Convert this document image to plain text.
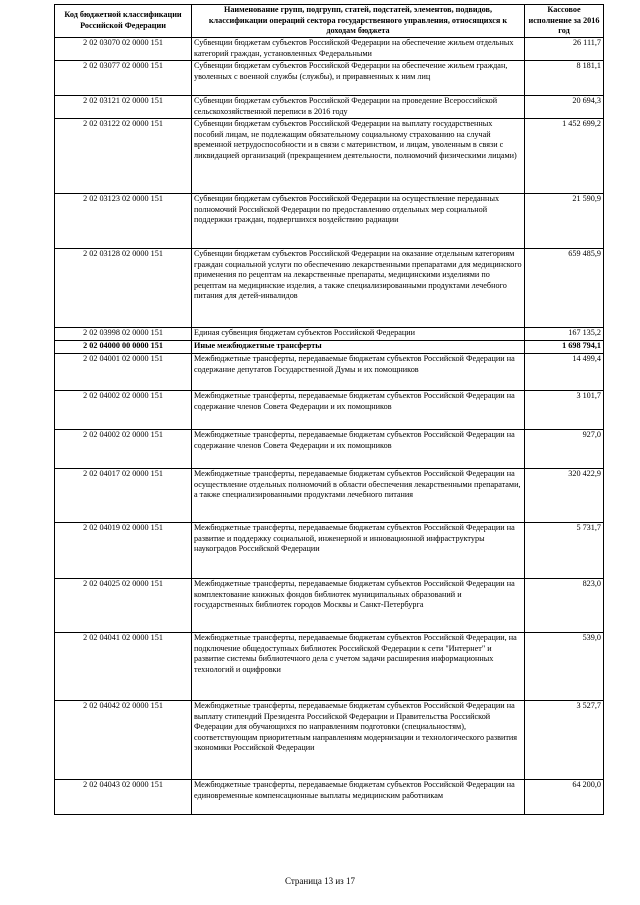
Код бюджетной классификации Российской Федерации	Наименование групп, подгрупп, статей, подстатей, элементов, подвидов, классификации операций сектора государственного управления, относящихся к доходам бюджета	Кассовое исполнение за 2016 год
2 02 03070 02 0000 151	Субвенции бюджетам субъектов Российской Федерации на обеспечение жильем отдельных категорий граждан, установленных Федеральными	26 111,7
2 02 03077 02 0000 151	Субвенции бюджетам субъектов Российской Федерации на обеспечение жильем граждан, уволенных с военной службы (службы), и приравненных к ним лиц	8 181,1
2 02 03121 02 0000 151	Субвенции бюджетам субъектов Российской Федерации на проведение Всероссийской сельскохозяйственной переписи в 2016 году	20 694,3
2 02 03122 02 0000 151	Субвенции бюджетам субъектов Российской Федерации на выплату государственных пособий лицам, не подлежащим обязательному социальному страхованию на случай временной нетрудоспособности и в связи с материнством, и лицам, уволенным в связи с ликвидацией организаций (прекращением деятельности, полномочий физическими лицами)	1 452 699,2
2 02 03123 02 0000 151	Субвенции бюджетам субъектов Российской Федерации на осуществление переданных полномочий Российской Федерации по предоставлению отдельных мер социальной поддержки граждан, подвергшихся воздействию радиации	21 590,9
2 02 03128 02 0000 151	Субвенции бюджетам субъектов Российской Федерации на оказание отдельным категориям граждан социальной услуги по обеспечению лекарственными препаратами для медицинского применения по рецептам на лекарственные препараты, медицинскими изделиями по рецептам на медицинские изделия, а также специализированными продуктами лечебного питания для детей-инвалидов	659 485,9
2 02 03998 02 0000 151	Единая субвенция бюджетам субъектов Российской Федерации	167 135,2
2 02 04000 00 0000 151	Иные межбюджетные трансферты	1 698 794,1
2 02 04001 02 0000 151	Межбюджетные трансферты, передаваемые бюджетам субъектов Российской Федерации на содержание депутатов Государственной Думы и их помощников	14 499,4
2 02 04002 02 0000 151	Межбюджетные трансферты, передаваемые бюджетам субъектов Российской Федерации на содержание членов Совета Федерации и их помощников	3 101,7
2 02 04002 02 0000 151	Межбюджетные трансферты, передаваемые бюджетам субъектов Российской Федерации на содержание членов Совета Федерации и их помощников	927,0
2 02 04017 02 0000 151	Межбюджетные трансферты, передаваемые бюджетам субъектов Российской Федерации на осуществление отдельных полномочий в области обеспечения лекарственными препаратами, а также специализированными продуктами лечебного питания	320 422,9
2 02 04019 02 0000 151	Межбюджетные трансферты, передаваемые бюджетам субъектов Российской Федерации на развитие и поддержку социальной, инженерной и инновационной инфраструктуры наукоградов Российской Федерации	5 731,7
2 02 04025 02 0000 151	Межбюджетные трансферты, передаваемые бюджетам субъектов Российской Федерации на комплектование книжных фондов библиотек муниципальных образований и государственных библиотек городов Москвы и Санкт-Петербурга	823,0
2 02 04041 02 0000 151	Межбюджетные трансферты, передаваемые бюджетам субъектов Российской Федерации, на подключение общедоступных библиотек Российской Федерации к сети "Интернет" и развитие системы библиотечного дела с учетом задачи расширения информационных технологий и оцифровки	539,0
2 02 04042 02 0000 151	Межбюджетные трансферты, передаваемые бюджетам субъектов Российской Федерации на выплату стипендий Президента Российской Федерации и Правительства Российской Федерации для обучающихся по направлениям подготовки (специальностям), соответствующим приоритетным направлениям модернизации и технологического развития экономики Российской Федерации	3 527,7
2 02 04043 02 0000 151	Межбюджетные трансферты, передаваемые бюджетам субъектов Российской Федерации на единовременные компенсационные выплаты медицинским работникам	64 200,0
Страница 13 из 17
